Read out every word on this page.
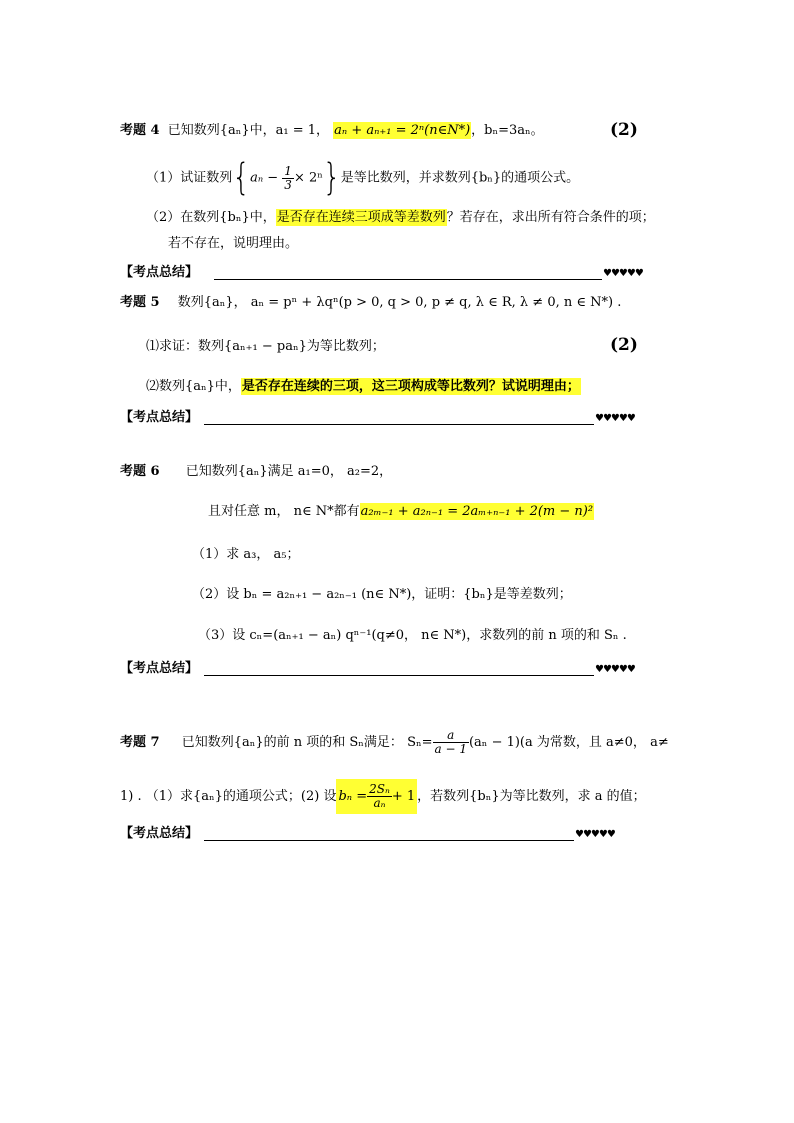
考题 4 已知数列{aₙ}中，a₁ = 1， aₙ + aₙ₊₁ = 2ⁿ(n∈N*)，bₙ=3aₙ。	(2)
（1）试证数列$\{a_n - \frac{1}{3} \times 2^n\}$是等比数列，并求数列{bₙ}的通项公式。
（2）在数列{bₙ}中，是否存在连续三项成等差数列？若存在，求出所有符合条件的项；
若不存在，说明理由。
【考点总结】	♥♥♥♥♥
考题 5 数列{aₙ}， aₙ = pⁿ + λqⁿ(p > 0, q > 0, p ≠ q, λ ∈ R, λ ≠ 0, n ∈ N*) .
⑴求证：数列{aₙ₊₁ − paₙ}为等比数列；	(2)
⑵数列{aₙ}中，是否存在连续的三项，这三项构成等比数列？试说明理由；
【考点总结】	♥♥♥♥♥
考题 6 已知数列{aₙ}满足 a₁=0， a₂=2，
且对任意 m， n∈ N*都有a₂ₘ₋₁ + a₂ₙ₋₁ = 2aₘ₊ₙ₋₁ + 2(m − n)²
（1）求 a₃， a₅；
（2）设 bₙ = a₂ₙ₊₁ − a₂ₙ₋₁ (n∈ N*)，证明：{bₙ}是等差数列；
（3）设 cₙ=(aₙ₊₁ − aₙ) qⁿ⁻¹(q≠0， n∈ N*)，求数列的前 n 项的和 Sₙ .
【考点总结】	♥♥♥♥♥
考题 7 已知数列{aₙ}的前 n 项的和 Sₙ满足： $S_n= \frac{a}{a - 1} (a_n - 1)(a$ 为常数，且 a≠0， a≠
1) . （1）求{aₙ}的通项公式；(2) 设 $b_n = \frac{\text{2Sₙ}}{\text{aₙ}} + 1$ ，若数列{bₙ}为等比数列，求 a 的值；
【考点总结】	♥♥♥♥♥
